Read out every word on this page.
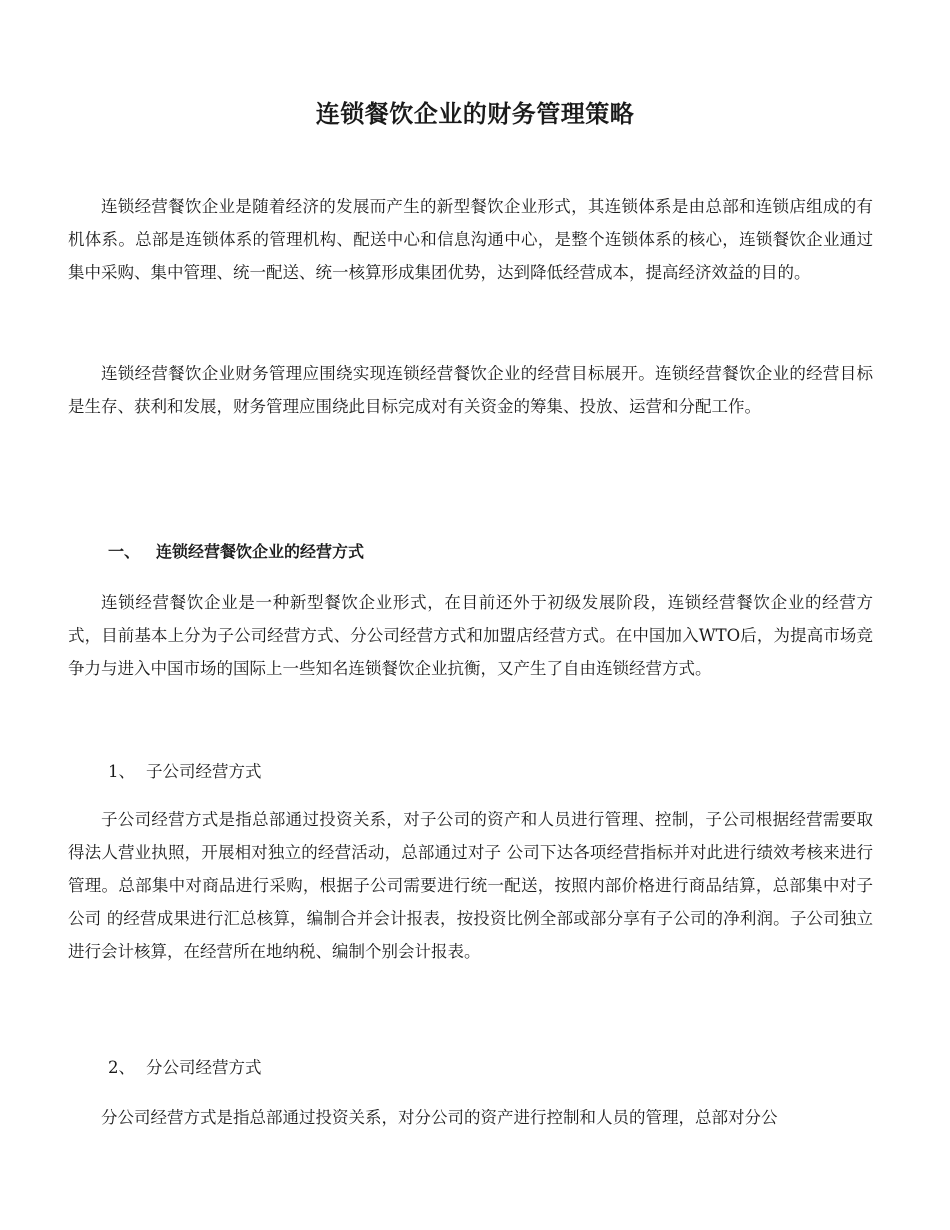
连锁餐饮企业的财务管理策略

连锁经营餐饮企业是随着经济的发展而产生的新型餐饮企业形式，其连锁体系是由总部和连锁店组成的有机体系。总部是连锁体系的管理机构、配送中心和信息沟通中心，是整个连锁体系的核心，连锁餐饮企业通过集中采购、集中管理、统一配送、统一核算形成集团优势，达到降低经营成本，提高经济效益的目的。

连锁经营餐饮企业财务管理应围绕实现连锁经营餐饮企业的经营目标展开。连锁经营餐饮企业的经营目标是生存、获利和发展，财务管理应围绕此目标完成对有关资金的筹集、投放、运营和分配工作。

一、 连锁经营餐饮企业的经营方式

连锁经营餐饮企业是一种新型餐饮企业形式，在目前还外于初级发展阶段，连锁经营餐饮企业的经营方式，目前基本上分为子公司经营方式、分公司经营方式和加盟店经营方式。在中国加入WTO后，为提高市场竞争力与进入中国市场的国际上一些知名连锁餐饮企业抗衡，又产生了自由连锁经营方式。

1、 子公司经营方式

子公司经营方式是指总部通过投资关系，对子公司的资产和人员进行管理、控制，子公司根据经营需要取得法人营业执照，开展相对独立的经营活动，总部通过对子 公司下达各项经营指标并对此进行绩效考核来进行管理。总部集中对商品进行采购，根据子公司需要进行统一配送，按照内部价格进行商品结算，总部集中对子公司 的经营成果进行汇总核算，编制合并会计报表，按投资比例全部或部分享有子公司的净利润。子公司独立进行会计核算，在经营所在地纳税、编制个别会计报表。

2、 分公司经营方式

分公司经营方式是指总部通过投资关系，对分公司的资产进行控制和人员的管理，总部对分公
